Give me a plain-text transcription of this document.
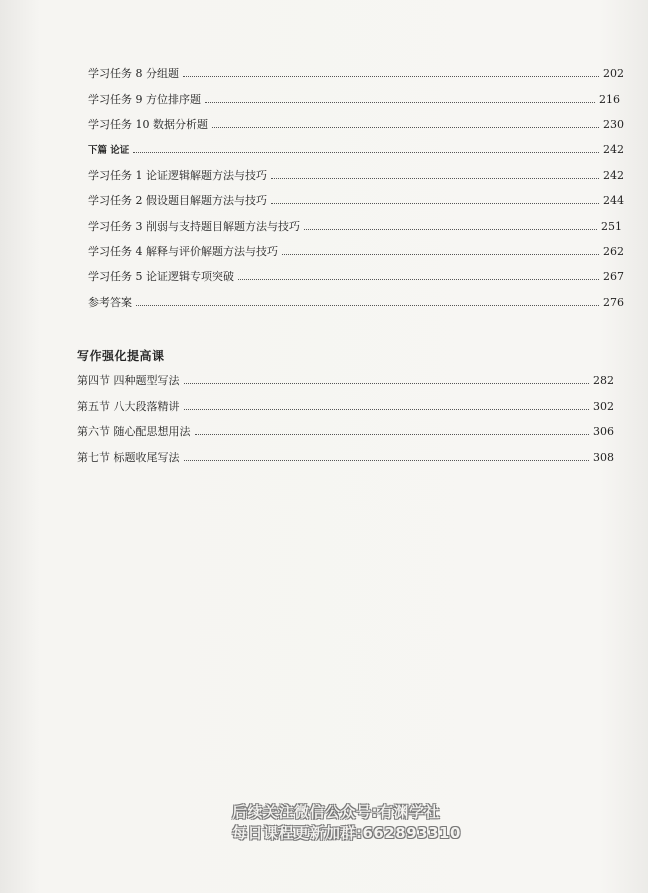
学习任务 8 分组题	202
学习任务 9 方位排序题	216
学习任务 10 数据分析题	230
下篇 论证	242
学习任务 1 论证逻辑解题方法与技巧	242
学习任务 2 假设题目解题方法与技巧	244
学习任务 3 削弱与支持题目解题方法与技巧	251
学习任务 4 解释与评价解题方法与技巧	262
学习任务 5 论证逻辑专项突破	267
参考答案	276
写作强化提高课
第四节 四种题型写法	282
第五节 八大段落精讲	302
第六节 随心配思想用法	306
第七节 标题收尾写法	308
后续关注微信公众号:有渊学社
每日课程更新加群:662893310
